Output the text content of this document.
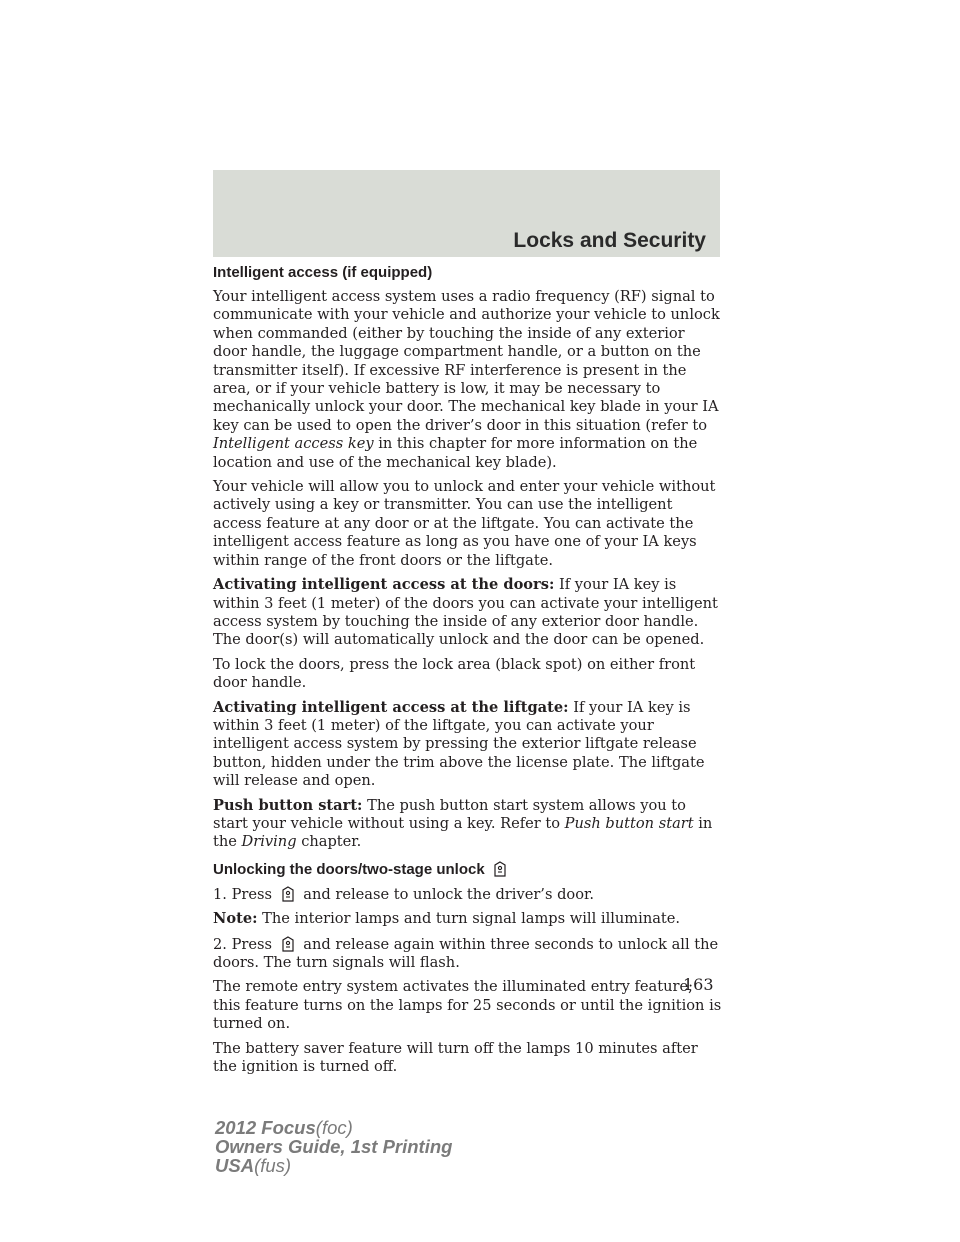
Locks and Security
Intelligent access (if equipped)

Your intelligent access system uses a radio frequency (RF) signal to communicate with your vehicle and authorize your vehicle to unlock when commanded (either by touching the inside of any exterior door handle, the luggage compartment handle, or a button on the transmitter itself). If excessive RF interference is present in the area, or if your vehicle battery is low, it may be necessary to mechanically unlock your door. The mechanical key blade in your IA key can be used to open the driver’s door in this situation (refer to Intelligent access key in this chapter for more information on the location and use of the mechanical key blade).

Your vehicle will allow you to unlock and enter your vehicle without actively using a key or transmitter. You can use the intelligent access feature at any door or at the liftgate. You can activate the intelligent access feature as long as you have one of your IA keys within range of the front doors or the liftgate.

Activating intelligent access at the doors: If your IA key is within 3 feet (1 meter) of the doors you can activate your intelligent access system by touching the inside of any exterior door handle. The door(s) will automatically unlock and the door can be opened.

To lock the doors, press the lock area (black spot) on either front door handle.

Activating intelligent access at the liftgate: If your IA key is within 3 feet (1 meter) of the liftgate, you can activate your intelligent access system by pressing the exterior liftgate release button, hidden under the trim above the license plate. The liftgate will release and open.

Push button start: The push button start system allows you to start your vehicle without using a key. Refer to Push button start in the Driving chapter.

Unlocking the doors/two-stage unlock

1. Press and release to unlock the driver’s door.

Note: The interior lamps and turn signal lamps will illuminate.

2. Press and release again within three seconds to unlock all the doors. The turn signals will flash.

The remote entry system activates the illuminated entry feature; this feature turns on the lamps for 25 seconds or until the ignition is turned on.

The battery saver feature will turn off the lamps 10 minutes after the ignition is turned off.

163
2012 Focus(foc)
Owners Guide, 1st Printing
USA(fus)
